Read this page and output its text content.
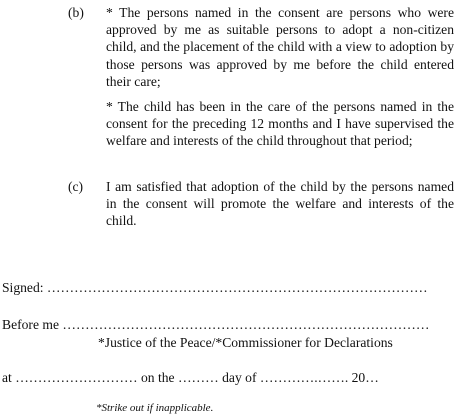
(b) * The persons named in the consent are persons who were approved by me as suitable persons to adopt a non-citizen child, and the placement of the child with a view to adoption by those persons was approved by me before the child entered their care;

* The child has been in the care of the persons named in the consent for the preceding 12 months and I have supervised the welfare and interests of the child throughout that period;

(c) I am satisfied that adoption of the child by the persons named in the consent will promote the welfare and interests of the child.

Signed: …………………………………………………………………………
Before me ………………………………………………………………………
*Justice of the Peace/*Commissioner for Declarations
at ……………………… on the ……… day of ………….……. 20…
*Strike out if inapplicable.
